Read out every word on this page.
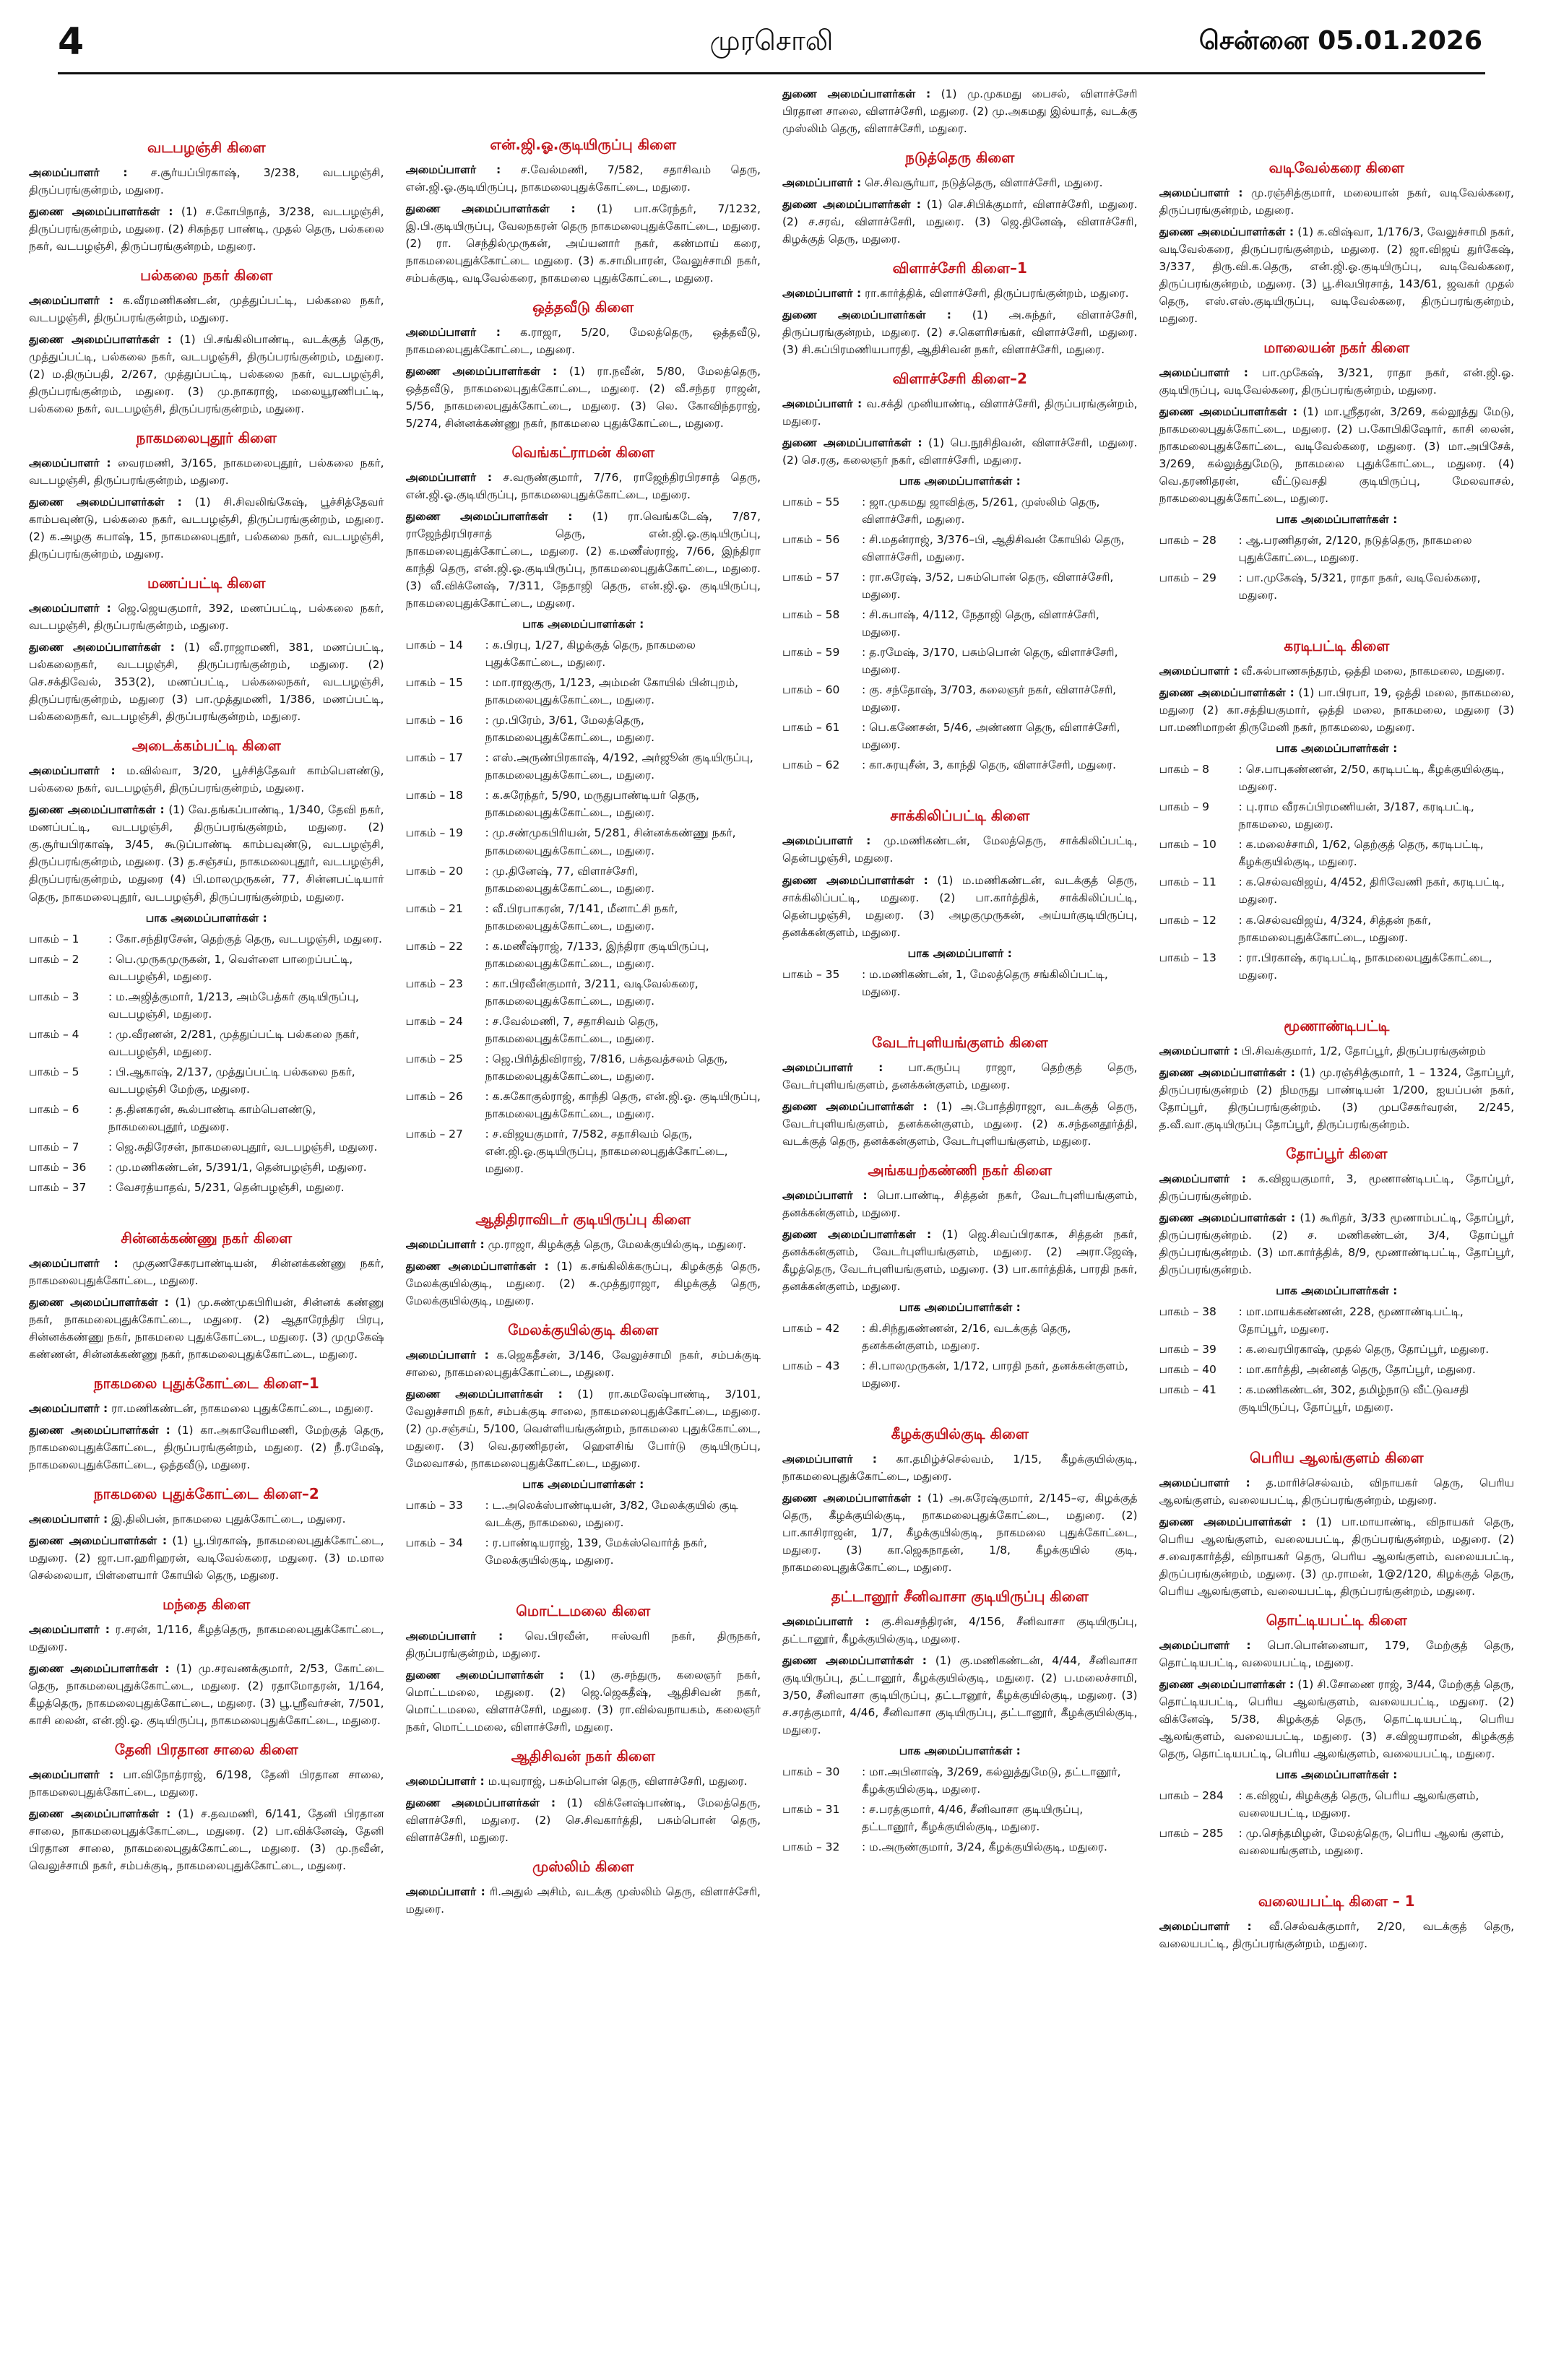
4	முரசொலி	சென்னை 05.01.2026
வடபழஞ்சி கிளை

அமைப்பாளர் : ச.சூர்யப்பிரகாஷ், 3/238, வடபழஞ்சி, திருப்பரங்குன்றம், மதுரை.

துணை அமைப்பாளர்கள் : (1) ச.கோபிநாத், 3/238, வடபழஞ்சி, திருப்பரங்குன்றம், மதுரை. (2) சிகந்தர பாண்டி, முதல் தெரு, பல்கலை நகர், வடபழஞ்சி, திருப்பரங்குன்றம், மதுரை.

பல்கலை நகர் கிளை

அமைப்பாளர் : க.வீரமணிகண்டன், முத்துப்பட்டி, பல்கலை நகர், வடபழஞ்சி, திருப்பரங்குன்றம், மதுரை.

துணை அமைப்பாளர்கள் : (1) பி.சங்கிலிபாண்டி, வடக்குத் தெரு, முத்துப்பட்டி, பல்கலை நகர், வடபழஞ்சி, திருப்பரங்குன்றம், மதுரை. (2) ம.திருப்பதி, 2/267, முத்துப்பட்டி, பல்கலை நகர், வடபழஞ்சி, திருப்பரங்குன்றம், மதுரை. (3) மு.நாகராஜ், மலையூரணிபட்டி, பல்கலை நகர், வடபழஞ்சி, திருப்பரங்குன்றம், மதுரை.

நாகமலைபுதூர் கிளை

அமைப்பாளர் : வைரமணி, 3/165, நாகமலைபுதூர், பல்கலை நகர், வடபழஞ்சி, திருப்பரங்குன்றம், மதுரை.

துணை அமைப்பாளர்கள் : (1) சி.சிவலிங்கேஷ், பூச்சித்தேவர் காம்பவுண்டு, பல்கலை நகர், வடபழஞ்சி, திருப்பரங்குன்றம், மதுரை. (2) க.அழகு சுபாஷ், 15, நாகமலைபுதூர், பல்கலை நகர், வடபழஞ்சி, திருப்பரங்குன்றம், மதுரை.

மணப்பட்டி கிளை

அமைப்பாளர் : ஜெ.ஜெயகுமார், 392, மணப்பட்டி, பல்கலை நகர், வடபழஞ்சி, திருப்பரங்குன்றம், மதுரை.

துணை அமைப்பாளர்கள் : (1) வீ.ராஜாமணி, 381, மணப்பட்டி, பல்கலைநகர், வடபழஞ்சி, திருப்பரங்குன்றம், மதுரை. (2) செ.சக்திவேல், 353(2), மணப்பட்டி, பல்கலைநகர், வடபழஞ்சி, திருப்பரங்குன்றம், மதுரை (3) பா.முத்துமணி, 1/386, மணப்பட்டி, பல்கலைநகர், வடபழஞ்சி, திருப்பரங்குன்றம், மதுரை.

அடைக்கம்பட்டி கிளை

அமைப்பாளர் : ம.வில்வா, 3/20, பூச்சித்தேவர் காம்பௌண்டு, பல்கலை நகர், வடபழஞ்சி, திருப்பரங்குன்றம், மதுரை.

துணை அமைப்பாளர்கள் : (1) வே.தங்கப்பாண்டி, 1/340, தேவி நகர், மணப்பட்டி, வடபழஞ்சி, திருப்பரங்குன்றம், மதுரை. (2) கு.சூர்யபிரகாஷ், 3/45, கூடுப்பாண்டி காம்பவுண்டு, வடபழஞ்சி, திருப்பரங்குன்றம், மதுரை. (3) த.சஞ்சய், நாகமலைபுதூர், வடபழஞ்சி, திருப்பரங்குன்றம், மதுரை (4) பி.மாலமுருகன், 77, சின்னபட்டியார் தெரு, நாகமலைபுதூர், வடபழஞ்சி, திருப்பரங்குன்றம், மதுரை.

பாக அமைப்பாளர்கள் :
பாகம் – 1	: கோ.சந்திரசேன், தெற்குத் தெரு, வடபழஞ்சி, மதுரை.
பாகம் – 2	: பெ.முருகமுருகன், 1, வெள்ளை பாறைப்பட்டி, வடபழஞ்சி, மதுரை.
பாகம் – 3	: ம.அஜித்குமார், 1/213, அம்பேத்கர் குடியிருப்பு, வடபழஞ்சி, மதுரை.
பாகம் – 4	: மு.வீரணன், 2/281, முத்துப்பட்டி பல்கலை நகர், வடபழஞ்சி, மதுரை.
பாகம் – 5	: பி.ஆகாஷ், 2/137, முத்துப்பட்டி பல்கலை நகர், வடபழஞ்சி மேற்கு, மதுரை.
பாகம் – 6	: த.தினகரன், கூல்பாண்டி காம்பௌண்டு, நாகமலைபுதூர், மதுரை.
பாகம் – 7	: ஜெ.சுதிரேசன், நாகமலைபுதூர், வடபழஞ்சி, மதுரை.
பாகம் – 36	: மு.மணிகண்டன், 5/391/1, தென்பழஞ்சி, மதுரை.
பாகம் – 37	: வேசரத்யாதவ், 5/231, தென்பழஞ்சி, மதுரை.
சின்னக்கண்ணு நகர் கிளை

அமைப்பாளர் : முகுணசேகரபாண்டியன், சின்னக்கண்ணு நகர், நாகமலைபுதுக்கோட்டை, மதுரை.

துணை அமைப்பாளர்கள் : (1) மு.சுண்முகபிரியன், சின்னக் கண்ணு நகர், நாகமலைபுதுக்கோட்டை, மதுரை. (2) ஆதாரேந்திர பிரபு, சின்னக்கண்ணு நகர், நாகமலை புதுக்கோட்டை, மதுரை. (3) முமுகேஷ் கண்ணன், சின்னக்கண்ணு நகர், நாகமலைபுதுக்கோட்டை, மதுரை.

நாகமலை புதுக்கோட்டை கிளை–1

அமைப்பாளர் : ரா.மணிகண்டன், நாகமலை புதுக்கோட்டை, மதுரை.

துணை அமைப்பாளர்கள் : (1) கா.அகாவேரிமணி, மேற்குத் தெரு, நாகமலைபுதுக்கோட்டை, திருப்பரங்குன்றம், மதுரை. (2) நீ.ரமேஷ், நாகமலைபுதுக்கோட்டை, ஒத்தவீடு, மதுரை.

நாகமலை புதுக்கோட்டை கிளை–2

அமைப்பாளர் : இ.திலிபன், நாகமலை புதுக்கோட்டை, மதுரை.

துணை அமைப்பாளர்கள் : (1) பூ.பிரகாஷ், நாகமலைபுதுக்கோட்டை, மதுரை. (2) ஜா.பா.ஹரிஹரன், வடிவேல்கரை, மதுரை. (3) ம.மால செல்லையா, பிள்ளையார் கோயில் தெரு, மதுரை.

மந்தை கிளை

அமைப்பாளர் : ர.சரன், 1/116, கீழத்தெரு, நாகமலைபுதுக்கோட்டை, மதுரை.

துணை அமைப்பாளர்கள் : (1) மு.சரவணக்குமார், 2/53, கோட்டை தெரு, நாகமலைபுதுக்கோட்டை, மதுரை. (2) ரதாமோதரன், 1/164, கீழத்தெரு, நாகமலைபுதுக்கோட்டை, மதுரை. (3) பூ.ஸ்ரீவர்சன், 7/501, காசி லைன், என்.ஜி.ஓ. குடியிருப்பு, நாகமலைபுதுக்கோட்டை, மதுரை.

தேனி பிரதான சாலை கிளை

அமைப்பாளர் : பா.விநோத்ராஜ், 6/198, தேனி பிரதான சாலை, நாகமலைபுதுக்கோட்டை, மதுரை.

துணை அமைப்பாளர்கள் : (1) ச.தவமணி, 6/141, தேனி பிரதான சாலை, நாகமலைபுதுக்கோட்டை, மதுரை. (2) பா.விக்னேஷ், தேனி பிரதான சாலை, நாகமலைபுதுக்கோட்டை, மதுரை. (3) மு.நவீன், வெலுச்சாமி நகர், சம்பக்குடி, நாகமலைபுதுக்கோட்டை, மதுரை.

என்.ஜி.ஓ.குடியிருப்பு கிளை

அமைப்பாளர் : ச.வேல்மணி, 7/582, சதாசிவம் தெரு, என்.ஜி.ஓ.குடியிருப்பு, நாகமலைபுதுக்கோட்டை, மதுரை.

துணை அமைப்பாளர்கள் : (1) பா.சுரேந்தர், 7/1232, இ.பி.குடியிருப்பு, வேலநகரன் தெரு நாகமலைபுதுக்கோட்டை, மதுரை. (2) ரா. செந்தில்முருகன், அய்யனார் நகர், கண்மாய் கரை, நாகமலைபுதுக்கோட்டை மதுரை. (3) க.சாமிபாரன், வேலுச்சாமி நகர், சம்பக்குடி, வடிவேல்கரை, நாகமலை புதுக்கோட்டை, மதுரை.

ஒத்தவீடு கிளை

அமைப்பாளர் : க.ராஜா, 5/20, மேலத்தெரு, ஒத்தவீடு, நாகமலைபுதுக்கோட்டை, மதுரை.

துணை அமைப்பாளர்கள் : (1) ரா.நவீன், 5/80, மேலத்தெரு, ஒத்தவீடு, நாகமலைபுதுக்கோட்டை, மதுரை. (2) வீ.சந்தர ராஜன், 5/56, நாகமலைபுதுக்கோட்டை, மதுரை. (3) லெ. கோவிந்தராஜ், 5/274, சின்னக்கண்ணு நகர், நாகமலை புதுக்கோட்டை, மதுரை.

வெங்கட்ராமன் கிளை

அமைப்பாளர் : ச.வருண்குமார், 7/76, ராஜேந்திரபிரசாத் தெரு, என்.ஜி.ஓ.குடியிருப்பு, நாகமலைபுதுக்கோட்டை, மதுரை.

துணை அமைப்பாளர்கள் : (1) ரா.வெங்கடேஷ், 7/87, ராஜேந்திரபிரசாத் தெரு, என்.ஜி.ஓ.குடியிருப்பு, நாகமலைபுதுக்கோட்டை, மதுரை. (2) க.மணீஸ்ராஜ், 7/66, இந்திரா காந்தி தெரு, என்.ஜி.ஓ.குடியிருப்பு, நாகமலைபுதுக்கோட்டை, மதுரை. (3) வீ.விக்னேஷ், 7/311, நேதாஜி தெரு, என்.ஜி.ஓ. குடியிருப்பு, நாகமலைபுதுக்கோட்டை, மதுரை.

பாக அமைப்பாளர்கள் :
பாகம் – 14	: க.பிரபு, 1/27, கிழக்குத் தெரு, நாகமலை புதுக்கோட்டை, மதுரை.
பாகம் – 15	: மா.ராஜகுரு, 1/123, அம்மன் கோயில் பின்புறம், நாகமலைபுதுக்கோட்டை, மதுரை.
பாகம் – 16	: மு.பிரேம், 3/61, மேலத்தெரு, நாகமலைபுதுக்கோட்டை, மதுரை.
பாகம் – 17	: எஸ்.அருண்பிரகாஷ், 4/192, அர்ஜூன் குடியிருப்பு, நாகமலைபுதுக்கோட்டை, மதுரை.
பாகம் – 18	: க.சுரேந்தர், 5/90, மருதுபாண்டியர் தெரு, நாகமலைபுதுக்கோட்டை, மதுரை.
பாகம் – 19	: மு.சண்முகபிரியன், 5/281, சின்னக்கண்ணு நகர், நாகமலைபுதுக்கோட்டை, மதுரை.
பாகம் – 20	: மு.தினேஷ், 77, விளாச்சேரி, நாகமலைபுதுக்கோட்டை, மதுரை.
பாகம் – 21	: வீ.பிரபாகரன், 7/141, மீனாட்சி நகர், நாகமலைபுதுக்கோட்டை, மதுரை.
பாகம் – 22	: க.மணீஷ்ராஜ், 7/133, இந்திரா குடியிருப்பு, நாகமலைபுதுக்கோட்டை, மதுரை.
பாகம் – 23	: கா.பிரவீன்குமார், 3/211, வடிவேல்கரை, நாகமலைபுதுக்கோட்டை, மதுரை.
பாகம் – 24	: ச.வேல்மணி, 7, சதாசிவம் தெரு, நாகமலைபுதுக்கோட்டை, மதுரை.
பாகம் – 25	: ஜெ.பிரித்திவிராஜ், 7/816, பக்தவத்சலம் தெரு, நாகமலைபுதுக்கோட்டை, மதுரை.
பாகம் – 26	: க.சுகோகுல்ராஜ், காந்தி தெரு, என்.ஜி.ஓ. குடியிருப்பு, நாகமலைபுதுக்கோட்டை, மதுரை.
பாகம் – 27	: ச.விஜயகுமார், 7/582, சதாசிவம் தெரு, என்.ஜி.ஓ.குடியிருப்பு, நாகமலைபுதுக்கோட்டை, மதுரை.
ஆதிதிராவிடர் குடியிருப்பு கிளை

அமைப்பாளர் : மு.ராஜா, கிழக்குத் தெரு, மேலக்குயில்குடி, மதுரை.

துணை அமைப்பாளர்கள் : (1) க.சங்கிலிக்கருப்பு, கிழக்குத் தெரு, மேலக்குயில்குடி, மதுரை. (2) சு.முத்துராஜா, கிழக்குத் தெரு, மேலக்குயில்குடி, மதுரை.

மேலக்குயில்குடி கிளை

அமைப்பாளர் : க.ஜெகதீசன், 3/146, வேலுச்சாமி நகர், சம்பக்குடி சாலை, நாகமலைபுதுக்கோட்டை, மதுரை.

துணை அமைப்பாளர்கள் : (1) ரா.கமலேஷ்பாண்டி, 3/101, வேலுச்சாமி நகர், சம்பக்குடி சாலை, நாகமலைபுதுக்கோட்டை, மதுரை. (2) மு.சஞ்சய், 5/100, வெள்ளியங்குன்றம், நாகமலை புதுக்கோட்டை, மதுரை. (3) வெ.தரணிதரன், ஹௌசிங் போர்டு குடியிருப்பு, மேலவாசல், நாகமலைபுதுக்கோட்டை, மதுரை.

பாக அமைப்பாளர்கள் :
பாகம் – 33	: ட.அலெக்ஸ்பாண்டியன், 3/82, மேலக்குயில் குடி வடக்கு, நாகமலை, மதுரை.
பாகம் – 34	: ர.பாண்டியராஜ், 139, மேக்ஸ்வொர்த் நகர், மேலக்குயில்குடி, மதுரை.
மொட்டமலை கிளை

அமைப்பாளர் : வெ.பிரவீன், ஈஸ்வரி நகர், திருநகர், திருப்பரங்குன்றம், மதுரை.

துணை அமைப்பாளர்கள் : (1) கு.சந்துரு, கலைஞர் நகர், மொட்டமலை, மதுரை. (2) ஜெ.ஜெகதீஷ், ஆதிசிவன் நகர், மொட்டமலை, விளாச்சேரி, மதுரை. (3) ரா.வில்வநாயகம், கலைஞர் நகர், மொட்டமலை, விளாச்சேரி, மதுரை.

ஆதிசிவன் நகர் கிளை

அமைப்பாளர் : ம.யுவராஜ், பசும்பொன் தெரு, விளாச்சேரி, மதுரை.

துணை அமைப்பாளர்கள் : (1) விக்னேஷ்பாண்டி, மேலத்தெரு, விளாச்சேரி, மதுரை. (2) செ.சிவகார்த்தி, பசும்பொன் தெரு, விளாச்சேரி, மதுரை.

முஸ்லிம் கிளை

அமைப்பாளர் : ரி.அதுல் அசிம், வடக்கு முஸ்லிம் தெரு, விளாச்சேரி, மதுரை.

துணை அமைப்பாளர்கள் : (1) மு.முகமது பைசல், விளாச்சேரி பிரதான சாலை, விளாச்சேரி, மதுரை. (2) மு.அகமது இல்யாத், வடக்கு முஸ்லிம் தெரு, விளாச்சேரி, மதுரை.

நடுத்தெரு கிளை

அமைப்பாளர் : செ.சிவசூர்யா, நடுத்தெரு, விளாச்சேரி, மதுரை.

துணை அமைப்பாளர்கள் : (1) செ.சிபிக்குமார், விளாச்சேரி, மதுரை. (2) ச.சரவ், விளாச்சேரி, மதுரை. (3) ஜெ.தினேஷ், விளாச்சேரி, கிழக்குத் தெரு, மதுரை.

விளாச்சேரி கிளை–1

அமைப்பாளர் : ரா.கார்த்திக், விளாச்சேரி, திருப்பரங்குன்றம், மதுரை.

துணை அமைப்பாளர்கள் : (1) அ.சுந்தர், விளாச்சேரி, திருப்பரங்குன்றம், மதுரை. (2) ச.கௌரிசங்கர், விளாச்சேரி, மதுரை. (3) சி.சுப்பிரமணியபாரதி, ஆதிசிவன் நகர், விளாச்சேரி, மதுரை.

விளாச்சேரி கிளை–2

அமைப்பாளர் : வ.சக்தி முனியாண்டி, விளாச்சேரி, திருப்பரங்குன்றம், மதுரை.

துணை அமைப்பாளர்கள் : (1) பெ.நூசிதிவன், விளாச்சேரி, மதுரை. (2) செ.ரகு, கலைஞர் நகர், விளாச்சேரி, மதுரை.

பாக அமைப்பாளர்கள் :
பாகம் – 55	: ஜா.முகமது ஜாவித்கு, 5/261, முஸ்லிம் தெரு, விளாச்சேரி, மதுரை.
பாகம் – 56	: சி.மதன்ராஜ், 3/376–பி, ஆதிசிவன் கோயில் தெரு, விளாச்சேரி, மதுரை.
பாகம் – 57	: ரா.சுரேஷ், 3/52, பசும்பொன் தெரு, விளாச்சேரி, மதுரை.
பாகம் – 58	: சி.சுபாஷ், 4/112, நேதாஜி தெரு, விளாச்சேரி, மதுரை.
பாகம் – 59	: த.ரமேஷ், 3/170, பசும்பொன் தெரு, விளாச்சேரி, மதுரை.
பாகம் – 60	: கு. சந்தோஷ், 3/703, கலைஞர் நகர், விளாச்சேரி, மதுரை.
பாகம் – 61	: பெ.கணேசன், 5/46, அண்ணா தெரு, விளாச்சேரி, மதுரை.
பாகம் – 62	: கா.சுரயுசீன், 3, காந்தி தெரு, விளாச்சேரி, மதுரை.
சாக்கிலிப்பட்டி கிளை

அமைப்பாளர் : மு.மணிகண்டன், மேலத்தெரு, சாக்கிலிப்பட்டி, தென்பழஞ்சி, மதுரை.

துணை அமைப்பாளர்கள் : (1) ம.மணிகண்டன், வடக்குத் தெரு, சாக்கிலிப்பட்டி, மதுரை. (2) பா.கார்த்திக், சாக்கிலிப்பட்டி, தென்பழஞ்சி, மதுரை. (3) அழகுமுருகன், அய்யர்குடியிருப்பு, தனக்கன்குளம், மதுரை.

பாக அமைப்பாளர் :
பாகம் – 35	: ம.மணிகண்டன், 1, மேலத்தெரு சங்கிலிப்பட்டி, மதுரை.
வேடர்புளியங்குளம் கிளை

அமைப்பாளர் : பா.கருப்பு ராஜா, தெற்குத் தெரு, வேடர்புளியங்குளம், தனக்கன்குளம், மதுரை.

துணை அமைப்பாளர்கள் : (1) அ.போத்திராஜா, வடக்குத் தெரு, வேடர்புளியங்குளம், தனக்கன்குளம், மதுரை. (2) க.சந்தனதூர்த்தி, வடக்குத் தெரு, தனக்கன்குளம், வேடர்புளியங்குளம், மதுரை.

அங்கயற்கண்ணி நகர் கிளை

அமைப்பாளர் : பொ.பாண்டி, சித்தன் நகர், வேடர்புளியங்குளம், தனக்கன்குளம், மதுரை.

துணை அமைப்பாளர்கள் : (1) ஜெ.சிவப்பிரகாசு, சித்தன் நகர், தனக்கன்குளம், வேடர்புளியங்குளம், மதுரை. (2) அரா.ஜேஷ், கீழத்தெரு, வேடர்புளியங்குளம், மதுரை. (3) பா.கார்த்திக், பாரதி நகர், தனக்கன்குளம், மதுரை.

பாக அமைப்பாளர்கள் :
பாகம் – 42	: கி.சிந்துகண்ணன், 2/16, வடக்குத் தெரு, தனக்கன்குளம், மதுரை.
பாகம் – 43	: சி.பாலமுருகன், 1/172, பாரதி நகர், தனக்கன்குளம், மதுரை.
கீழக்குயில்குடி கிளை

அமைப்பாளர் : கா.தமிழ்ச்செல்வம், 1/15, கீழக்குயில்குடி, நாகமலைபுதுக்கோட்டை, மதுரை.

துணை அமைப்பாளர்கள் : (1) அ.சுரேஷ்குமார், 2/145–ஏ, கிழக்குத் தெரு, கீழக்குயில்குடி, நாகமலைபுதுக்கோட்டை, மதுரை. (2) பா.காசிராஜன், 1/7, கீழக்குயில்குடி, நாகமலை புதுக்கோட்டை, மதுரை. (3) கா.ஜெகநாதன், 1/8, கீழக்குயில் குடி, நாகமலைபுதுக்கோட்டை, மதுரை.

தட்டானூர் சீனிவாசா குடியிருப்பு கிளை

அமைப்பாளர் : கு.சிவசந்திரன், 4/156, சீனிவாசா குடியிருப்பு, தட்டானூர், கீழக்குயில்குடி, மதுரை.

துணை அமைப்பாளர்கள் : (1) கு.மணிகண்டன், 4/44, சீனிவாசா குடியிருப்பு, தட்டானூர், கீழக்குயில்குடி, மதுரை. (2) ப.மலைச்சாமி, 3/50, சீனிவாசா குடியிருப்பு, தட்டானூர், கீழக்குயில்குடி, மதுரை. (3) ச.சரத்குமார், 4/46, சீனிவாசா குடியிருப்பு, தட்டானூர், கீழக்குயில்குடி, மதுரை.

பாக அமைப்பாளர்கள் :
பாகம் – 30	: மா.அபினாஷ், 3/269, கல்லுத்துமேடு, தட்டானூர், கீழக்குயில்குடி, மதுரை.
பாகம் – 31	: ச.பரத்குமார், 4/46, சீனிவாசா குடியிருப்பு, தட்டானூர், கீழக்குயில்குடி, மதுரை.
பாகம் – 32	: ம.அருண்குமார், 3/24, கீழக்குயில்குடி, மதுரை.
வடிவேல்கரை கிளை

அமைப்பாளர் : மு.ரஞ்சித்குமார், மலையான் நகர், வடிவேல்கரை, திருப்பரங்குன்றம், மதுரை.

துணை அமைப்பாளர்கள் : (1) க.விஷ்வா, 1/176/3, வேலுச்சாமி நகர், வடிவேல்கரை, திருப்பரங்குன்றம், மதுரை. (2) ஜா.விஜய் துர்கேஷ், 3/337, திரு.வி.க.தெரு, என்.ஜி.ஓ.குடியிருப்பு, வடிவேல்கரை, திருப்பரங்குன்றம், மதுரை. (3) பூ.சிவபிரசாத், 143/61, ஜவகர் முதல் தெரு, எஸ்.எஸ்.குடியிருப்பு, வடிவேல்கரை, திருப்பரங்குன்றம், மதுரை.

மாலையன் நகர் கிளை

அமைப்பாளர் : பா.முகேஷ், 3/321, ராதா நகர், என்.ஜி.ஓ. குடியிருப்பு, வடிவேல்கரை, திருப்பரங்குன்றம், மதுரை.

துணை அமைப்பாளர்கள் : (1) மா.ஸ்ரீதரன், 3/269, கல்லூத்து மேடு, நாகமலைபுதுக்கோட்டை, மதுரை. (2) ப.கோபிகிஷோர், காசி லைன், நாகமலைபுதுக்கோட்டை, வடிவேல்கரை, மதுரை. (3) மா.அபிசேக், 3/269, கல்லுத்துமேடு, நாகமலை புதுக்கோட்டை, மதுரை. (4) வெ.தரணிதரன், வீட்டுவசதி குடியிருப்பு, மேலவாசல், நாகமலைபுதுக்கோட்டை, மதுரை.

பாக அமைப்பாளர்கள் :
பாகம் – 28	: ஆ.பரணிதரன், 2/120, நடுத்தெரு, நாகமலை புதுக்கோட்டை, மதுரை.
பாகம் – 29	: பா.முகேஷ், 5/321, ராதா நகர், வடிவேல்கரை, மதுரை.
கரடிபட்டி கிளை

அமைப்பாளர் : வீ.சுல்பாணசுந்தரம், ஒத்தி மலை, நாகமலை, மதுரை.

துணை அமைப்பாளர்கள் : (1) பா.பிரபா, 19, ஒத்தி மலை, நாகமலை, மதுரை (2) கா.சத்தியகுமார், ஒத்தி மலை, நாகமலை, மதுரை (3) பா.மணிமாறன் திருமேனி நகர், நாகமலை, மதுரை.

பாக அமைப்பாளர்கள் :
பாகம் – 8	: செ.பாபுகண்ணன், 2/50, கரடிபட்டி, கீழக்குயில்குடி, மதுரை.
பாகம் – 9	: பு.ராம வீரசுப்பிரமணியன், 3/187, கரடிபட்டி, நாகமலை, மதுரை.
பாகம் – 10	: க.மலைச்சாமி, 1/62, தெற்குத் தெரு, கரடிபட்டி, கீழக்குயில்குடி, மதுரை.
பாகம் – 11	: க.செல்வவிஜய், 4/452, திரிவேணி நகர், கரடிபட்டி, மதுரை.
பாகம் – 12	: க.செல்வவிஜய், 4/324, சித்தன் நகர், நாகமலைபுதுக்கோட்டை, மதுரை.
பாகம் – 13	: ரா.பிரகாஷ், கரடிபட்டி, நாகமலைபுதுக்கோட்டை, மதுரை.
மூணாண்டிபட்டி

அமைப்பாளர் : பி.சிவக்குமார், 1/2, தோப்பூர், திருப்பரங்குன்றம்

துணை அமைப்பாளர்கள் : (1) மு.ரஞ்சித்குமார், 1 – 1324, தோப்பூர், திருப்பரங்குன்றம் (2) நிமருது பாண்டியன் 1/200, ஐயப்பன் நகர், தோப்பூர், திருப்பரங்குன்றம். (3) முபசேகர்வரன், 2/245, த.வீ.வா.குடியிருப்பு தோப்பூர், திருப்பரங்குன்றம்.

தோப்பூர் கிளை

அமைப்பாளர் : க.விஜயகுமார், 3, மூணாண்டிபட்டி, தோப்பூர், திருப்பரங்குன்றம்.

துணை அமைப்பாளர்கள் : (1) கூரிதர், 3/33 மூணாம்பட்டி, தோப்பூர், திருப்பரங்குன்றம். (2) ச. மணிகண்டன், 3/4, தோப்பூர் திருப்பரங்குன்றம். (3) மா.கார்த்திக், 8/9, மூணாண்டிபட்டி, தோப்பூர், திருப்பரங்குன்றம்.

பாக அமைப்பாளர்கள் :
பாகம் – 38	: மா.மாயக்கண்ணன், 228, மூணாண்டிபட்டி, தோப்பூர், மதுரை.
பாகம் – 39	: க.வைரபிரகாஷ், முதல் தெரு, தோப்பூர், மதுரை.
பாகம் – 40	: மா.கார்த்தி, அன்னத் தெரு, தோப்பூர், மதுரை.
பாகம் – 41	: க.மணிகண்டன், 302, தமிழ்நாடு வீட்டுவசதி குடியிருப்பு, தோப்பூர், மதுரை.
பெரிய ஆலங்குளம் கிளை

அமைப்பாளர் : த.மாரிச்செல்வம், விநாயகர் தெரு, பெரிய ஆலங்குளம், வலையபட்டி, திருப்பரங்குன்றம், மதுரை.

துணை அமைப்பாளர்கள் : (1) பா.மாயாண்டி, விநாயகர் தெரு, பெரிய ஆலங்குளம், வலையபட்டி, திருப்பரங்குன்றம், மதுரை. (2) ச.வைரகார்த்தி, விநாயகர் தெரு, பெரிய ஆலங்குளம், வலையபட்டி, திருப்பரங்குன்றம், மதுரை. (3) மு.ராமன், 1@2/120, கிழக்குத் தெரு, பெரிய ஆலங்குளம், வலையபட்டி, திருப்பரங்குன்றம், மதுரை.

தொட்டியபட்டி கிளை

அமைப்பாளர் : பொ.பொன்னையா, 179, மேற்குத் தெரு, தொட்டியபட்டி, வலையபட்டி, மதுரை.

துணை அமைப்பாளர்கள் : (1) சி.சோணை ராஜ், 3/44, மேற்குத் தெரு, தொட்டியபட்டி, பெரிய ஆலங்குளம், வலையபட்டி, மதுரை. (2) விக்னேஷ், 5/38, கிழக்குத் தெரு, தொட்டியபட்டி, பெரிய ஆலங்குளம், வலையபட்டி, மதுரை. (3) ச.விஜயராமன், கிழக்குத் தெரு, தொட்டியபட்டி, பெரிய ஆலங்குளம், வலையபட்டி, மதுரை.

பாக அமைப்பாளர்கள் :
பாகம் – 284	: க.விஜய், கிழக்குத் தெரு, பெரிய ஆலங்குளம், வலையபட்டி, மதுரை.
பாகம் – 285	: மு.செந்தமிழன், மேலத்தெரு, பெரிய ஆலங் குளம், வலையங்குளம், மதுரை.
வலையபட்டி கிளை – 1

அமைப்பாளர் : வீ.செல்வக்குமார், 2/20, வடக்குத் தெரு, வலையபட்டி, திருப்பரங்குன்றம், மதுரை.
